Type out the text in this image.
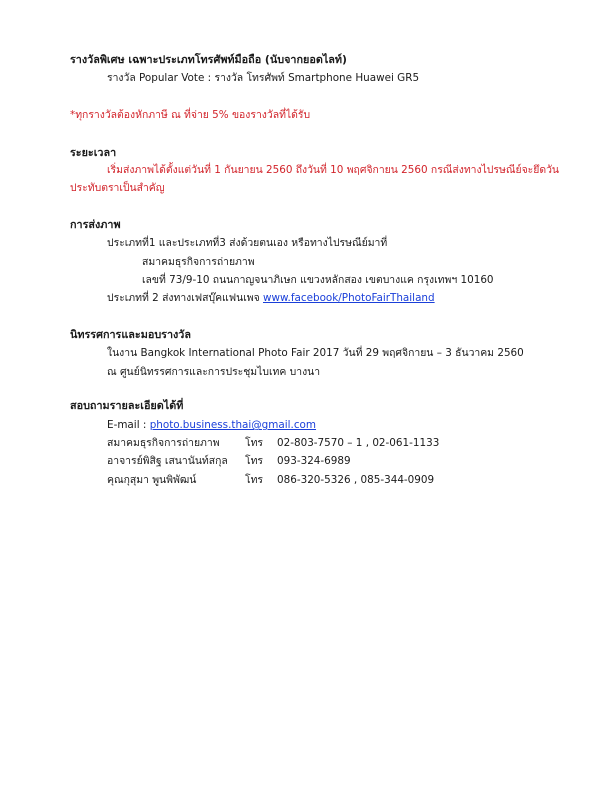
รางวัลพิเศษ เฉพาะประเภทโทรศัพท์มือถือ (นับจากยอดไลท์)
รางวัล Popular Vote : รางวัล โทรศัพท์ Smartphone Huawei GR5
*ทุกรางวัลต้องหักภาษี ณ ที่จ่าย 5% ของรางวัลที่ได้รับ
ระยะเวลา
เริ่มส่งภาพได้ตั้งแต่วันที่ 1 กันยายน 2560 ถึงวันที่ 10 พฤศจิกายน 2560 กรณีส่งทางไปรษณีย์จะยึดวัน
ประทับตราเป็นสำคัญ
การส่งภาพ
ประเภทที่1 และประเภทที่3 ส่งด้วยตนเอง หรือทางไปรษณีย์มาที่
สมาคมธุรกิจการถ่ายภาพ
เลขที่ 73/9-10 ถนนกาญจนาภิเษก แขวงหลักสอง เขตบางแค กรุงเทพฯ 10160
ประเภทที่ 2 ส่งทางเฟสบุ๊คแฟนเพจ www.facebook/PhotoFairThailand
นิทรรศการและมอบรางวัล
ในงาน Bangkok International Photo Fair 2017 วันที่ 29 พฤศจิกายน – 3 ธันวาคม 2560
ณ ศูนย์นิทรรศการและการประชุมไบเทค บางนา
สอบถามรายละเอียดได้ที่
E-mail : photo.business.thai@gmail.com
สมาคมธุรกิจการถ่ายภาพ โทร 02-803-7570 – 1 , 02-061-1133
อาจารย์พิสิฐ เสนานันท์สกุล โทร 093-324-6989
คุณกุสุมา พูนพิพัฒน์	โทร 086-320-5326 , 085-344-0909
